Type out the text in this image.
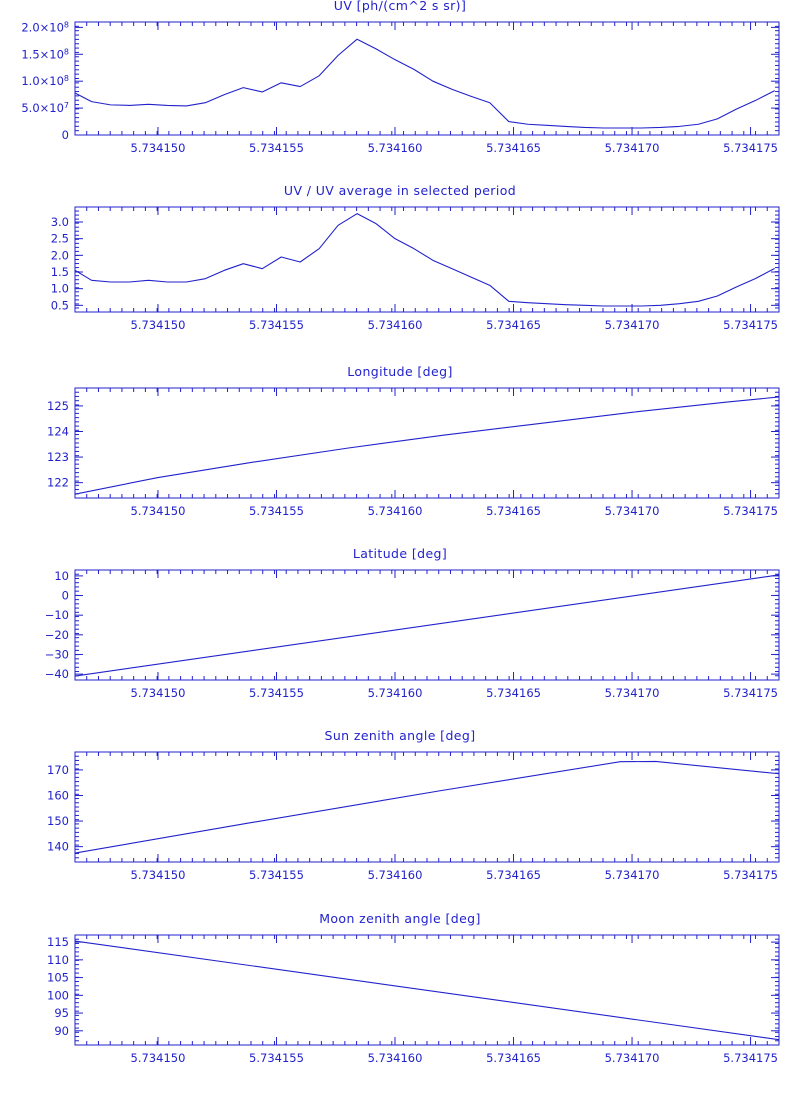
UV [ph/(cm^2 s sr)]
5.734150	5.734155	5.734160	5.734165	5.734170	5.734175
0
$5.0\times 10^7$
$1.0\times 10^8$
$1.5\times 10^8$
$2.0\times 10^8$
UV / UV average in selected period
5.734150	5.734155	5.734160	5.734165	5.734170	5.734175
0.5
1.0
1.5
2.0
2.5
3.0
Longitude [deg]
5.734150	5.734155	5.734160	5.734165	5.734170	5.734175
122
123
124
125
Latitude [deg]
5.734150	5.734155	5.734160	5.734165	5.734170	5.734175
−40
−30
−20
−10
0
10
Sun zenith angle [deg]
5.734150	5.734155	5.734160	5.734165	5.734170	5.734175
140
150
160
170
Moon zenith angle [deg]
5.734150	5.734155	5.734160	5.734165	5.734170	5.734175
90
95
100
105
110
115
